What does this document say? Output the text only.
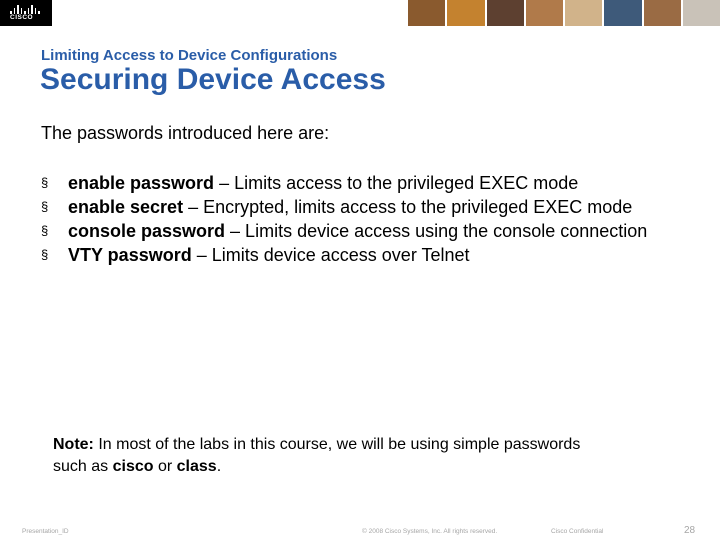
CISCO
Limiting Access to Device Configurations
Securing Device Access
The passwords introduced here are:
§ enable password – Limits access to the privileged EXEC mode
§ enable secret – Encrypted, limits access to the privileged EXEC mode
§ console password – Limits device access using the console connection
§ VTY password – Limits device access over Telnet
Note: In most of the labs in this course, we will be using simple passwords such as cisco or class.
Presentation_ID	© 2008 Cisco Systems, Inc. All rights reserved.	Cisco Confidential	28
